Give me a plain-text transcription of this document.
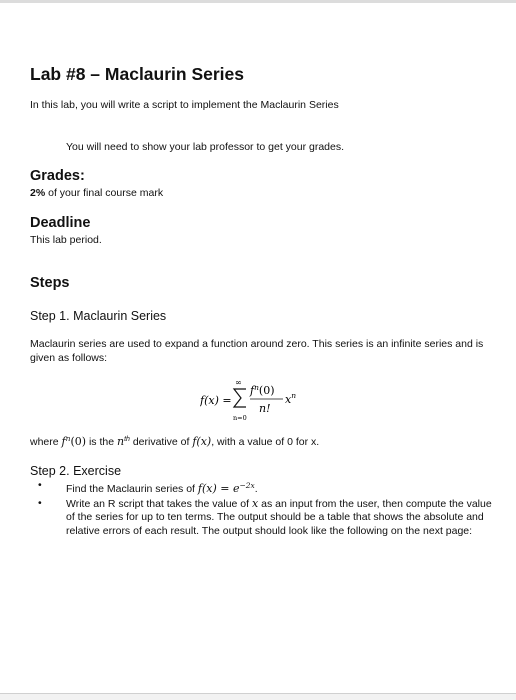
Lab #8 – Maclaurin Series
In this lab, you will write a script to implement the Maclaurin Series
You will need to show your lab professor to get your grades.
Grades:
2% of your final course mark
Deadline
This lab period.
Steps
Step 1. Maclaurin Series
Maclaurin series are used to expand a function around zero. This series is an infinite series and is given as follows:
f(x) =
∞
n=0
$f^n(0)$
n!
$x^n$
where $f^n(0)$ is the $n^{th}$ derivative of f(x), with a value of 0 for x.
Step 2. Exercise
• Find the Maclaurin series of $f(x) = e^{-2x}$.
• Write an R script that takes the value of x as an input from the user, then compute the value of the series for up to ten terms. The output should be a table that shows the absolute and relative errors of each result. The output should look like the following on the next page:
